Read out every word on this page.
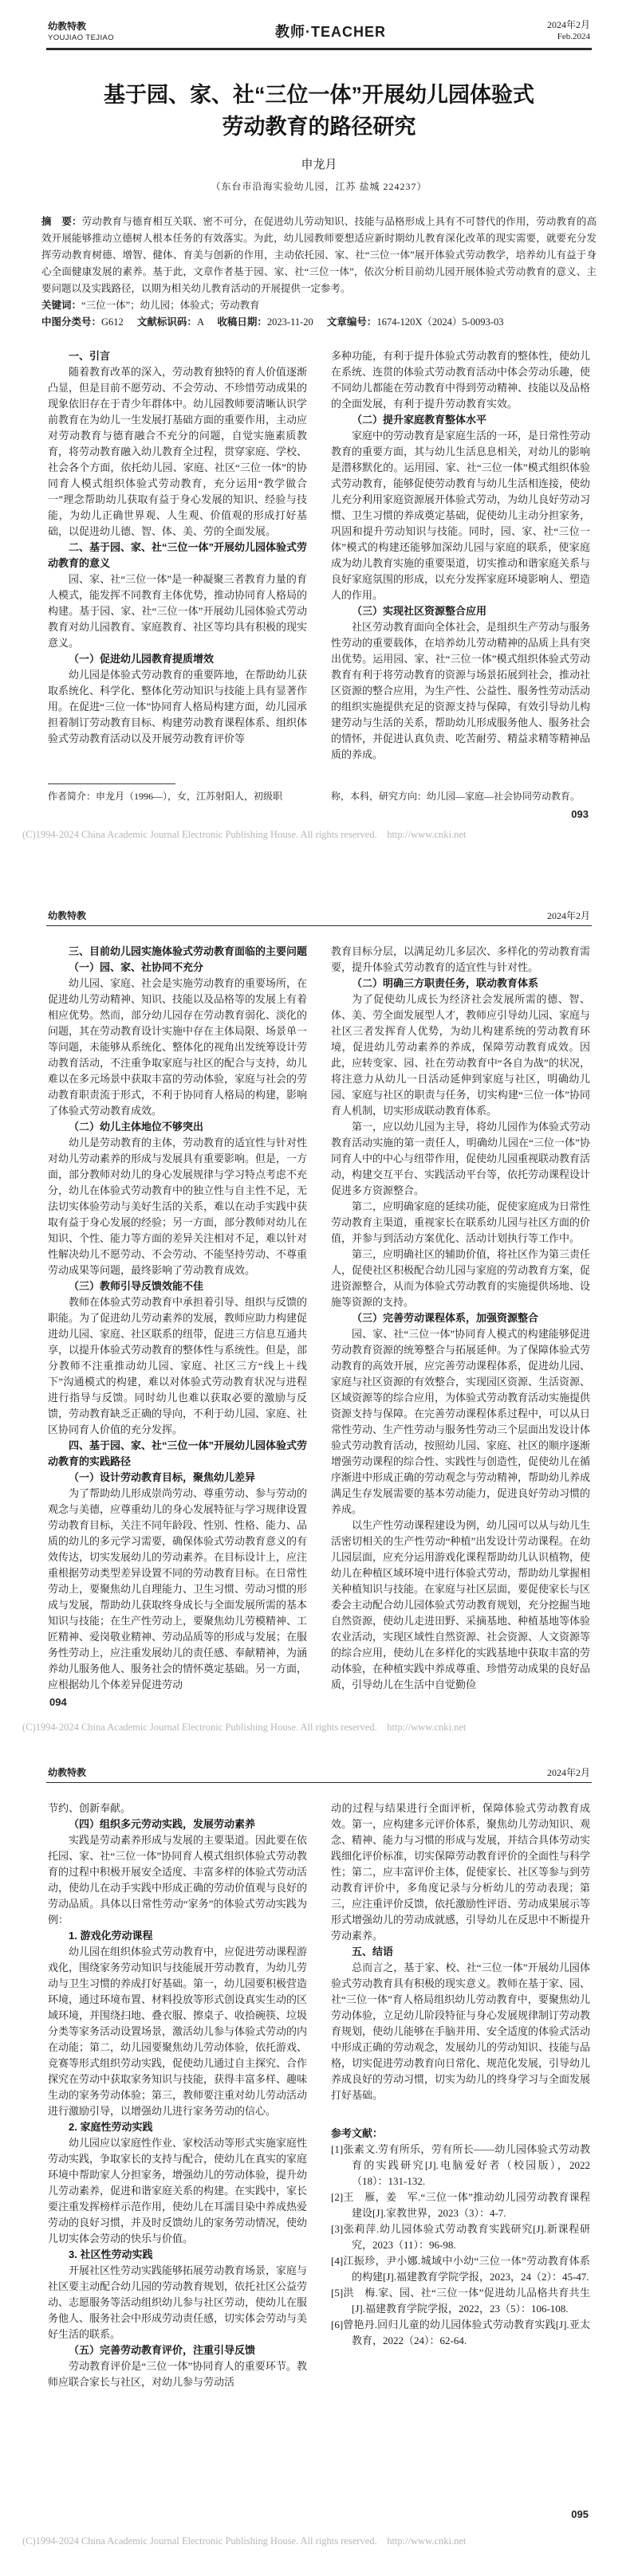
幼教特教
YOUJIAO TEJIAO	教师·TEACHER	2024年2月
Feb.2024
基于园、家、社“三位一体”开展幼儿园体验式
劳动教育的路径研究
申龙月
（东台市沿海实验幼儿园，江苏 盐城 224237）

摘　要：劳动教育与德育相互关联、密不可分，在促进幼儿劳动知识、技能与品格形成上具有不可替代的作用，劳动教育的高效开展能够推动立德树人根本任务的有效落实。为此，幼儿园教师要想适应新时期幼儿教育深化改革的现实需要，就要充分发挥劳动教育树德、增智、健体、育美与创新的作用，主动依托园、家、社“三位一体”展开体验式劳动教学，培养幼儿有益于身心全面健康发展的素养。基于此，文章作者基于园、家、社“三位一体”，依次分析目前幼儿园开展体验式劳动教育的意义、主要问题以及实践路径，以期为相关幼儿教育活动的开展提供一定参考。

关键词：“三位一体”；幼儿园；体验式；劳动教育

中图分类号：G612 文献标识码：A 收稿日期：2023-11-20 文章编号：1674-120X（2024）5-0093-03

一、引言

随着教育改革的深入，劳动教育独特的育人价值逐渐凸显，但是目前不愿劳动、不会劳动、不珍惜劳动成果的现象依旧存在于青少年群体中。幼儿园教师要清晰认识学前教育在为幼儿一生发展打基础方面的重要作用，主动应对劳动教育与德育融合不充分的问题，自觉实施素质教育，将劳动教育融入幼儿教育全过程，贯穿家庭、学校、社会各个方面，依托幼儿园、家庭、社区“三位一体”的协同育人模式组织体验式劳动教育，充分运用“教学做合一”理念帮助幼儿获取有益于身心发展的知识、经验与技能，为幼儿正确世界观、人生观、价值观的形成打好基础，以促进幼儿德、智、体、美、劳的全面发展。

二、基于园、家、社“三位一体”开展幼儿园体验式劳动教育的意义

园、家、社“三位一体”是一种凝聚三者教育力量的育人模式，能发挥不同教育主体优势，推动协同育人格局的构建。基于园、家、社“三位一体”开展幼儿园体验式劳动教育对幼儿园教育、家庭教育、社区等均具有积极的现实意义。

（一）促进幼儿园教育提质增效

幼儿园是体验式劳动教育的重要阵地，在帮助幼儿获取系统化、科学化、整体化劳动知识与技能上具有显著作用。在促进“三位一体”协同育人格局构建方面，幼儿园承担着制订劳动教育目标、构建劳动教育课程体系、组织体验式劳动教育活动以及开展劳动教育评价等

多种功能，有利于提升体验式劳动教育的整体性，使幼儿在系统、连贯的体验式劳动教育活动中体会劳动乐趣，使不同幼儿都能在劳动教育中得到劳动精神、技能以及品格的全面发展，有利于提升劳动教育实效。

（二）提升家庭教育整体水平

家庭中的劳动教育是家庭生活的一环，是日常性劳动教育的重要方面，其与幼儿生活息息相关，对幼儿的影响是潜移默化的。运用园、家、社“三位一体”模式组织体验式劳动教育，能够促使劳动教育与幼儿生活相连接，使幼儿充分利用家庭资源展开体验式劳动，为幼儿良好劳动习惯、卫生习惯的养成奠定基础，促使幼儿主动分担家务，巩固和提升劳动知识与技能。同时，园、家、社“三位一体”模式的构建还能够加深幼儿园与家庭的联系，使家庭成为幼儿教育实施的重要渠道，切实推动和谐家庭关系与良好家庭氛围的形成，以充分发挥家庭环境影响人、塑造人的作用。

（三）实现社区资源整合应用

社区劳动教育面向全体社会，是组织生产劳动与服务性劳动的重要载体，在培养幼儿劳动精神的品质上具有突出优势。运用园、家、社“三位一体”模式组织体验式劳动教育有利于将劳动教育的资源与场景拓展到社会，推动社区资源的整合应用，为生产性、公益性、服务性劳动活动的组织实施提供充足的资源支持与保障，有效引导幼儿构建劳动与生活的关系，帮助幼儿形成服务他人、服务社会的情怀，并促进认真负责、吃苦耐劳、精益求精等精神品质的养成。

作者简介：申龙月（1996—），女，江苏射阳人，初级职	称，本科，研究方向：幼儿园—家庭—社会协同劳动教育。
093
(C)1994-2024 China Academic Journal Electronic Publishing House. All rights reserved.    http://www.cnki.net
幼教特教	2024年2月

三、目前幼儿园实施体验式劳动教育面临的主要问题

（一）园、家、社协同不充分

幼儿园、家庭、社会是实施劳动教育的重要场所，在促进幼儿劳动精神、知识、技能以及品格等的发展上有着相应优势。然而，部分幼儿园存在劳动教育弱化、淡化的问题，其在劳动教育设计实施中存在主体局限、场景单一等问题，未能够从系统化、整体化的视角出发统筹设计劳动教育活动，不注重争取家庭与社区的配合与支持，幼儿难以在多元场景中获取丰富的劳动体验，家庭与社会的劳动教育职责流于形式，不利于协同育人格局的构建，影响了体验式劳动教育成效。

（二）幼儿主体地位不够突出

幼儿是劳动教育的主体，劳动教育的适宜性与针对性对幼儿劳动素养的形成与发展具有重要影响。但是，一方面，部分教师对幼儿的身心发展规律与学习特点考虑不充分，幼儿在体验式劳动教育中的独立性与自主性不足，无法切实体验劳动与美好生活的关系，难以在动手实践中获取有益于身心发展的经验；另一方面，部分教师对幼儿在知识、个性、能力等方面的差异关注相对不足，难以针对性解决幼儿不愿劳动、不会劳动、不能坚持劳动、不尊重劳动成果等问题，最终影响了劳动教育成效。

（三）教师引导反馈效能不佳

教师在体验式劳动教育中承担着引导、组织与反馈的职能。为了促进幼儿劳动素养的发展，教师应助力构建促进幼儿园、家庭、社区联系的纽带，促进三方信息互通共享，以提升体验式劳动教育的整体性与系统性。但是，部分教师不注重推动幼儿园、家庭、社区三方“线上＋线下”沟通模式的构建，难以对体验式劳动教育状况与进程进行指导与反馈。同时幼儿也难以获取必要的激励与反馈，劳动教育缺乏正确的导向，不利于幼儿园、家庭、社区协同育人价值的充分发挥。

四、基于园、家、社“三位一体”开展幼儿园体验式劳动教育的实践路径

（一）设计劳动教育目标，聚焦幼儿差异

为了帮助幼儿形成崇尚劳动、尊重劳动、参与劳动的观念与美德，应尊重幼儿的身心发展特征与学习规律设置劳动教育目标，关注不同年龄段、性别、性格、能力、品质的幼儿的多元学习需要，确保体验式劳动教育意义的有效传达，切实发展幼儿的劳动素养。在目标设计上，应注重根据劳动类型差异设置不同的劳动教育目标。在日常性劳动上，要聚焦幼儿自理能力、卫生习惯、劳动习惯的形成与发展，帮助幼儿获取终身成长与全面发展所需的基本知识与技能；在生产性劳动上，要聚焦幼儿劳模精神、工匠精神、爱岗敬业精神、劳动品质等的形成与发展；在服务性劳动上，应注重发展幼儿的责任感、奉献精神，为涵养幼儿服务他人、服务社会的情怀奠定基础。另一方面，应根据幼儿个体差异促进劳动

教育目标分层，以满足幼儿多层次、多样化的劳动教育需要，提升体验式劳动教育的适宜性与针对性。

（二）明确三方职责任务，联动教育体系

为了促使幼儿成长为经济社会发展所需的德、智、体、美、劳全面发展型人才，教师应引导幼儿园、家庭与社区三者发挥育人优势，为幼儿构建系统的劳动教育环境，促进幼儿劳动素养的养成，保障劳动教育成效。因此，应转变家、园、社在劳动教育中“各自为战”的状况，将注意力从幼儿一日活动延伸到家庭与社区，明确幼儿园、家庭与社区的职责与任务，切实构建“三位一体”协同育人机制，切实形成联动教育体系。

第一，应以幼儿园为主导，将幼儿园作为体验式劳动教育活动实施的第一责任人，明确幼儿园在“三位一体”协同育人中的中心与纽带作用，促使幼儿园重视联动教育活动，构建交互平台、实践活动平台等，依托劳动课程设计促进多方资源整合。

第二，应明确家庭的延续功能，促使家庭成为日常性劳动教育主渠道，重视家长在联系幼儿园与社区方面的价值，并参与到活动方案优化、活动计划执行等工作中。

第三，应明确社区的辅助价值，将社区作为第三责任人，促使社区积极配合幼儿园与家庭的劳动教育方案，促进资源整合，从而为体验式劳动教育的实施提供场地、设施等资源的支持。

（三）完善劳动课程体系，加强资源整合

园、家、社“三位一体”协同育人模式的构建能够促进劳动教育资源的统筹整合与拓展延伸。为了保障体验式劳动教育的高效开展，应完善劳动课程体系，促进幼儿园、家庭与社区资源的有效整合，实现园区资源、生活资源、区域资源等的综合应用，为体验式劳动教育活动实施提供资源支持与保障。在完善劳动课程体系过程中，可以从日常性劳动、生产性劳动与服务性劳动三个层面出发设计体验式劳动教育活动，按照幼儿园、家庭、社区的顺序逐渐增强劳动课程的综合性、实践性与创造性，促使幼儿在循序渐进中形成正确的劳动观念与劳动精神，帮助幼儿养成满足生存发展需要的基本劳动能力，促进良好劳动习惯的养成。

以生产性劳动课程建设为例，幼儿园可以从与幼儿生活密切相关的生产性劳动“种植”出发设计劳动课程。在幼儿园层面，应充分运用游戏化课程帮助幼儿认识植物，使幼儿在种植区域环境中进行体验式劳动，帮助幼儿掌握相关种植知识与技能。在家庭与社区层面，要促使家长与区委会主动配合幼儿园体验式劳动教育规划，充分挖掘当地自然资源，使幼儿走进田野、采摘基地、种植基地等体验农业活动，实现区域性自然资源、社会资源、人文资源等的综合应用，使幼儿在多样化的实践基地中获取丰富的劳动体验，在种植实践中养成尊重、珍惜劳动成果的良好品质，引导幼儿在生活中自觉勤俭

094
(C)1994-2024 China Academic Journal Electronic Publishing House. All rights reserved.    http://www.cnki.net
幼教特教	2024年2月

节约、创新奉献。

（四）组织多元劳动实践，发展劳动素养

实践是劳动素养形成与发展的主要渠道。因此要在依托园、家、社“三位一体”协同育人模式组织体验式劳动教育的过程中积极开展安全适度、丰富多样的体验式劳动活动，使幼儿在动手实践中形成正确的劳动价值观与良好的劳动品质。具体以日常性劳动“家务”的体验式劳动实践为例：

1. 游戏化劳动课程

幼儿园在组织体验式劳动教育中，应促进劳动课程游戏化，围绕家务劳动知识与技能展开劳动教育，为幼儿劳动与卫生习惯的养成打好基础。第一，幼儿园要积极营造环境，通过环境布置、材料投放等形式创设真实生动的区域环境，并围绕扫地、叠衣服、擦桌子、收拾碗筷、垃圾分类等家务活动设置场景，激活幼儿参与体验式劳动的内在动能；第二，幼儿园要聚焦幼儿劳动体验，依托游戏、竞赛等形式组织劳动实践，促使幼儿通过自主探究、合作探究在劳动中获取家务知识与技能，获得丰富多样、趣味生动的家务劳动体验；第三，教师要注重对幼儿劳动活动进行激励引导，以增强幼儿进行家务劳动的信心。

2. 家庭性劳动实践

幼儿园应以家庭性作业、家校活动等形式实施家庭性劳动实践，争取家长的支持与配合，使幼儿在真实的家庭环境中帮助家人分担家务，增强幼儿的劳动体验，提升幼儿劳动素养，促进和谐家庭关系的构建。在实践中，家长要注重发挥榜样示范作用，使幼儿在耳濡目染中养成热爱劳动的良好习惯，并及时反馈幼儿的家务劳动情况，使幼儿切实体会劳动的快乐与价值。

3. 社区性劳动实践

开展社区性劳动实践能够拓展劳动教育场景，家庭与社区要主动配合幼儿园的劳动教育规划，依托社区公益劳动、志愿服务等活动组织幼儿参与社区劳动，使幼儿在服务他人、服务社会中形成劳动责任感，切实体会劳动与美好生活的联系。

（五）完善劳动教育评价，注重引导反馈

劳动教育评价是“三位一体”协同育人的重要环节。教师应联合家长与社区，对幼儿参与劳动活

动的过程与结果进行全面评析，保障体验式劳动教育成效。第一，应构建多元评价体系，聚焦幼儿劳动知识、观念、精神、能力与习惯的形成与发展，并结合具体劳动实践细化评价标准，切实保障劳动教育评价的全面性与科学性；第二，应丰富评价主体，促使家长、社区等参与到劳动教育评价中，多角度记录与分析幼儿的劳动表现；第三，应注重评价反馈，依托激励性评语、劳动成果展示等形式增强幼儿的劳动成就感，引导幼儿在反思中不断提升劳动素养。

五、结语

总而言之，基于家、校、社“三位一体”开展幼儿园体验式劳动教育具有积极的现实意义。教师在基于家、园、社“三位一体”育人格局组织幼儿劳动教育中，要聚焦幼儿劳动体验，立足幼儿阶段特征与身心发展规律制订劳动教育规划，使幼儿能够在手脑并用、安全适度的体验式活动中形成正确的劳动观念，发展幼儿的劳动知识、技能与品格，切实促进劳动教育向日常化、规范化发展，引导幼儿养成良好的劳动习惯，切实为幼儿的终身学习与全面发展打好基础。

参考文献：

[1]张素文.劳有所乐，劳有所长——幼儿园体验式劳动教育的实践研究[J].电脑爱好者（校园版），2022（18）：131-132.

[2]王　雁，姜　军.“三位一体”推动幼儿园劳动教育课程建设[J].家教世界，2023（3）：4-7.

[3]张莉萍.幼儿园体验式劳动教育实践研究[J].新课程研究，2023（11）：96-98.

[4]江振珍，尹小娜.城域中小幼“三位一体”劳动教育体系的构建[J].福建教育学院学报，2023，24（2）：45-47.

[5]洪　梅.家、园、社“三位一体”促进幼儿品格共育共生[J].福建教育学院学报，2022，23（5）：106-108.

[6]曾艳丹.回归儿童的幼儿园体验式劳动教育实践[J].亚太教育，2022（24）：62-64.

095
(C)1994-2024 China Academic Journal Electronic Publishing House. All rights reserved.    http://www.cnki.net
